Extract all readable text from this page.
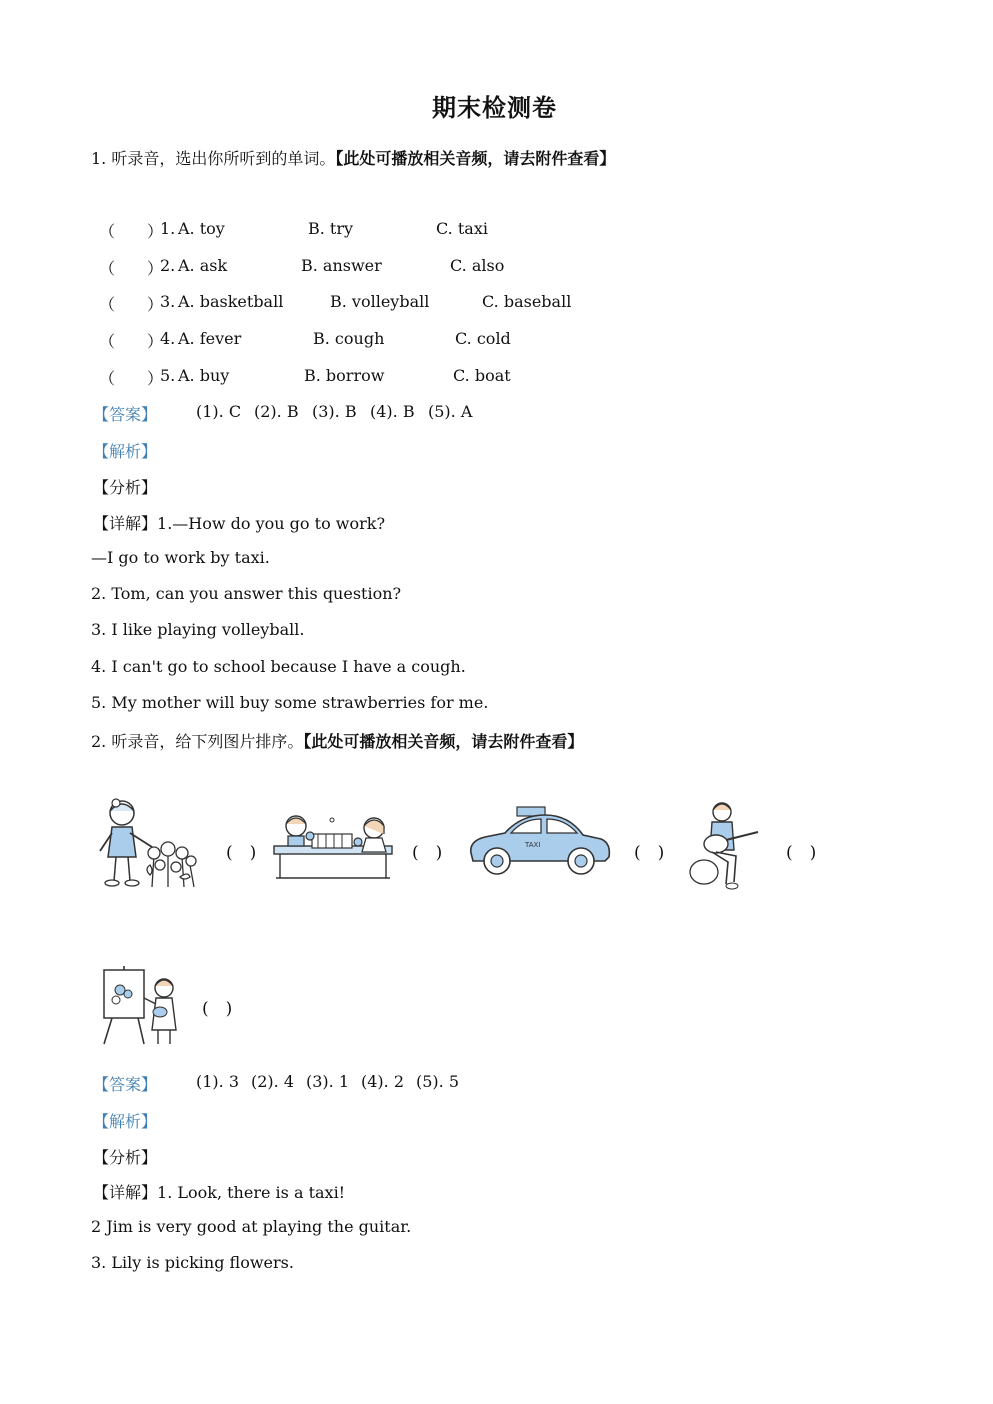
期末检测卷
1. 听录音，选出你所听到的单词。【此处可播放相关音频，请去附件查看】
（　　）
1. A. toy	B. try	C. taxi
（　　）
2. A. ask	B. answer	C. also
（　　）
3. A. basketball	B. volleyball	C. baseball
（　　）
4. A. fever	B. cough	C. cold
（　　）
5. A. buy	B. borrow	C. boat
【答案】 (1). C (2). B (3). B (4). B (5). A
【解析】
【分析】
【详解】1.—How do you go to work?
—I go to work by taxi.
2. Tom, can you answer this question?
3. I like playing volleyball.
4. I can't go to school because I have a cough.
5. My mother will buy some strawberries for me.
2. 听录音，给下列图片排序。【此处可播放相关音频，请去附件查看】
(　)	(　)	TAXI	(　)	(　)
(　)
【答案】 (1). 3 (2). 4 (3). 1 (4). 2 (5). 5
【解析】
【分析】
【详解】1. Look, there is a taxi!
2 Jim is very good at playing the guitar.
3. Lily is picking flowers.
